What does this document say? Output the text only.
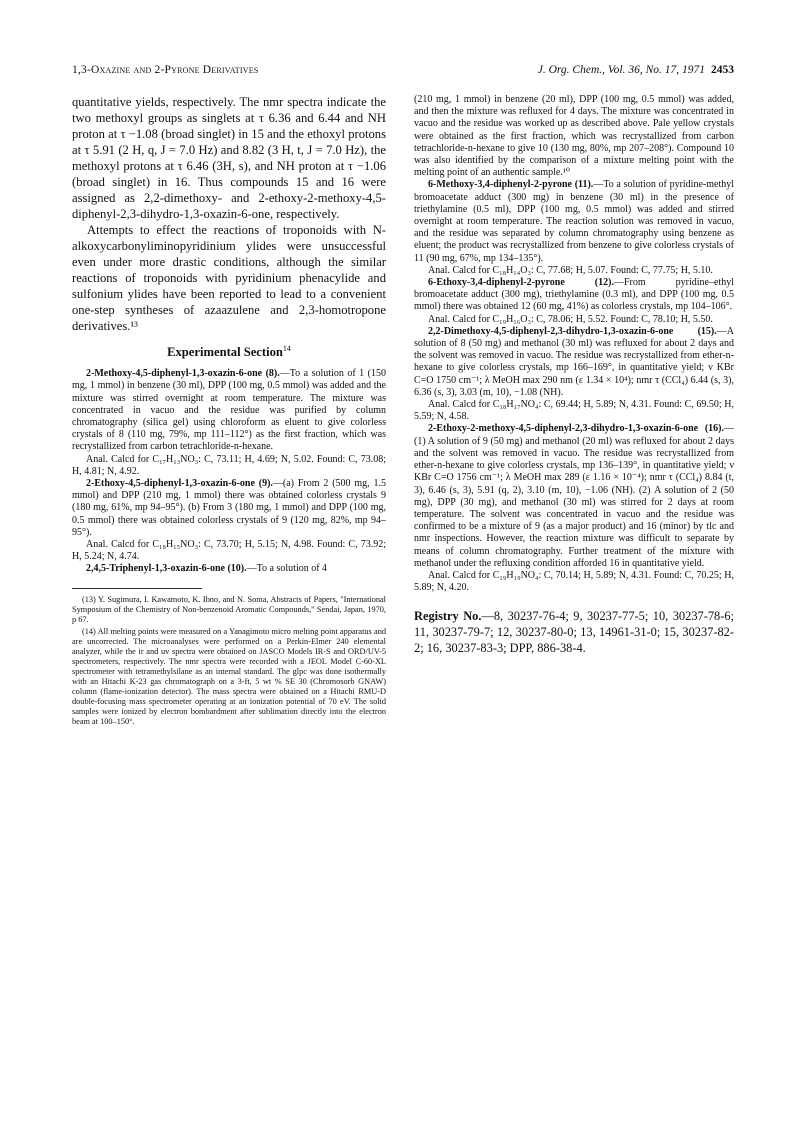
1,3-Oxazine and 2-Pyrone Derivatives	J. Org. Chem., Vol. 36, No. 17, 1971 2453

quantitative yields, respectively. The nmr spectra indicate the two methoxyl groups as singlets at τ 6.36 and 6.44 and NH proton at τ −1.08 (broad singlet) in 15 and the ethoxyl protons at τ 5.91 (2 H, q, J = 7.0 Hz) and 8.82 (3 H, t, J = 7.0 Hz), the methoxyl protons at τ 6.46 (3H, s), and NH proton at τ −1.06 (broad singlet) in 16. Thus compounds 15 and 16 were assigned as 2,2-dimethoxy- and 2-ethoxy-2-methoxy-4,5-diphenyl-2,3-dihydro-1,3-oxazin-6-one, respectively.

Attempts to effect the reactions of troponoids with N-alkoxycarbonyliminopyridinium ylides were unsuccessful even under more drastic conditions, although the similar reactions of troponoids with pyridinium phenacylide and sulfonium ylides have been reported to lead to a convenient one-step syntheses of azaazulene and 2,3-homotropone derivatives.¹³

Experimental Section$^{14}$

2-Methoxy-4,5-diphenyl-1,3-oxazin-6-one (8).—To a solution of 1 (150 mg, 1 mmol) in benzene (30 ml), DPP (100 mg, 0.5 mmol) was added and the mixture was stirred overnight at room temperature. The mixture was concentrated in vacuo and the residue was purified by column chromatography (silica gel) using chloroform as eluent to give colorless crystals of 8 (110 mg, 79%, mp 111–112°) as the first fraction, which was recrystallized from carbon tetrachloride-n-hexane.

Anal. Calcd for C₁₇H₁₃NO₃: C, 73.11; H, 4.69; N, 5.02. Found: C, 73.08; H, 4.81; N, 4.92.

2-Ethoxy-4,5-diphenyl-1,3-oxazin-6-one (9).—(a) From 2 (500 mg, 1.5 mmol) and DPP (210 mg, 1 mmol) there was obtained colorless crystals 9 (180 mg, 61%, mp 94–95°). (b) From 3 (180 mg, 1 mmol) and DPP (100 mg, 0.5 mmol) there was obtained colorless crystals of 9 (120 mg, 82%, mp 94–95°).

Anal. Calcd for C₁₈H₁₅NO₃: C, 73.70; H, 5.15; N, 4.98. Found: C, 73.92; H, 5.24; N, 4.74.

2,4,5-Triphenyl-1,3-oxazin-6-one (10).—To a solution of 4

(13) Y. Sugimura, I. Kawamoto, K. Ibno, and N. Soma, Abstracts of Papers, "International Symposium of the Chemistry of Non-benzenoid Aromatic Compounds," Sendai, Japan, 1970, p 67.

(14) All melting points were measured on a Yanagimoto micro melting point apparatus and are uncorrected. The microanalyses were performed on a Perkin-Elmer 240 elemental analyzer, while the ir and uv spectra were obtained on JASCO Models IR-S and ORD/UV-5 spectrometers, respectively. The nmr spectra were recorded with a JEOL Model C-60-XL spectrometer with tetramethylsilane as an internal standard. The glpc was done isothermally with an Hitachi K-23 gas chromatograph on a 3-ft, 5 wt % SE 30 (Chromosorb GNAW) column (flame-ionization detector). The mass spectra were obtained on a Hitachi RMU-D double-focusing mass spectrometer operating at an ionization potential of 70 eV. The solid samples were ionized by electron bombardment after sublimation directly into the electron beam at 100–150°.

(210 mg, 1 mmol) in benzene (20 ml), DPP (100 mg, 0.5 mmol) was added, and then the mixture was refluxed for 4 days. The mixture was concentrated in vacuo and the residue was worked up as described above. Pale yellow crystals were obtained as the first fraction, which was recrystallized from carbon tetrachloride-n-hexane to give 10 (130 mg, 80%, mp 207–208°). Compound 10 was also identified by the comparison of a mixture melting point with the melting point of an authentic sample.¹⁰

6-Methoxy-3,4-diphenyl-2-pyrone (11).—To a solution of pyridine-methyl bromoacetate adduct (300 mg) in benzene (30 ml) in the presence of triethylamine (0.5 ml), DPP (100 mg, 0.5 mmol) was added and stirred overnight at room temperature. The reaction solution was removed in vacuo, and the residue was separated by column chromatography using benzene as eluent; the product was recrystallized from benzene to give colorless crystals of 11 (90 mg, 67%, mp 134–135°).

Anal. Calcd for C₁₈H₁₄O₃: C, 77.68; H, 5.07. Found: C, 77.75; H, 5.10.

6-Ethoxy-3,4-diphenyl-2-pyrone (12).—From pyridine–ethyl bromoacetate adduct (300 mg), triethylamine (0.3 ml), and DPP (100 mg, 0.5 mmol) there was obtained 12 (60 mg, 41%) as colorless crystals, mp 104–106°.

Anal. Calcd for C₁₉H₁₆O₃: C, 78.06; H, 5.52. Found: C, 78.10; H, 5.50.

2,2-Dimethoxy-4,5-diphenyl-2,3-dihydro-1,3-oxazin-6-one (15).—A solution of 8 (50 mg) and methanol (30 ml) was refluxed for about 2 days and the solvent was removed in vacuo. The residue was recrystallized from ether-n-hexane to give colorless crystals, mp 166–169°, in quantitative yield; ν KBr C=O 1750 cm⁻¹; λ MeOH max 290 nm (ε 1.34 × 10⁴); nmr τ (CCl₄) 6.44 (s, 3), 6.36 (s, 3), 3.03 (m, 10), −1.08 (NH).

Anal. Calcd for C₁₈H₁₇NO₄: C, 69.44; H, 5.89; N, 4.31. Found: C, 69.50; H, 5.59; N, 4.58.

2-Ethoxy-2-methoxy-4,5-diphenyl-2,3-dihydro-1,3-oxazin-6-one (16).—(1) A solution of 9 (50 mg) and methanol (20 ml) was refluxed for about 2 days and the solvent was removed in vacuo. The residue was recrystallized from ether-n-hexane to give colorless crystals, mp 136–139°, in quantitative yield; ν KBr C=O 1756 cm⁻¹; λ MeOH max 289 (ε 1.16 × 10⁻⁴); nmr τ (CCl₄) 8.84 (t, 3), 6.46 (s, 3), 5.91 (q, 2), 3.10 (m, 10), −1.06 (NH). (2) A solution of 2 (50 mg), DPP (30 mg), and methanol (30 ml) was stirred for 2 days at room temperature. The solvent was concentrated in vacuo and the residue was confirmed to be a mixture of 9 (as a major product) and 16 (minor) by tlc and nmr inspections. However, the reaction mixture was difficult to separate by means of column chromatography. Further treatment of the mixture with methanol under the refluxing condition afforded 16 in quantitative yield.

Anal. Calcd for C₁₉H₁₉NO₄: C, 70.14; H, 5.89; N, 4.31. Found: C, 70.25; H, 5.89; N, 4.20.

Registry No.—8, 30237-76-4; 9, 30237-77-5; 10, 30237-78-6; 11, 30237-79-7; 12, 30237-80-0; 13, 14961-31-0; 15, 30237-82-2; 16, 30237-83-3; DPP, 886-38-4.
